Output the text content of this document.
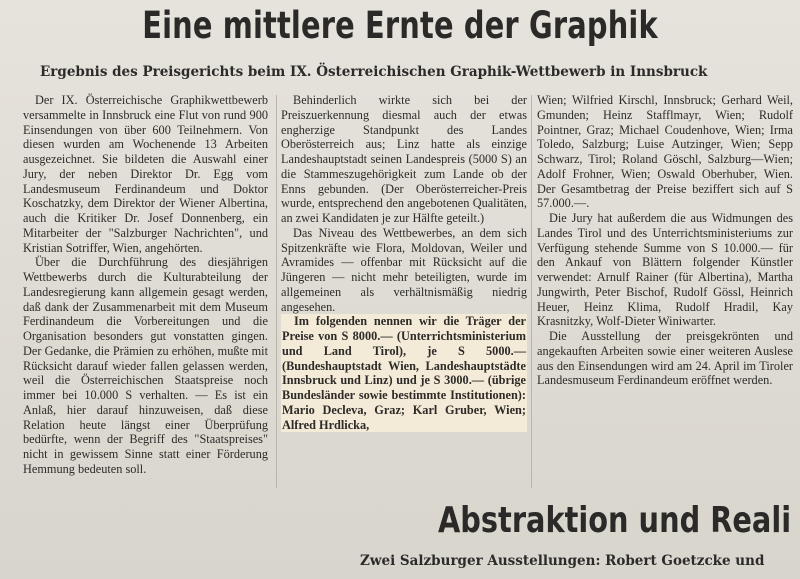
Eine mittlere Ernte der Graphik
Ergebnis des Preisgerichts beim IX. Österreichischen Graphik-Wettbewerb in Innsbruck

Der IX. Österreichische Graphikwettbewerb versammelte in Innsbruck eine Flut von rund 900 Einsendungen von über 600 Teilnehmern. Von diesen wurden am Wochenende 13 Arbeiten ausgezeichnet. Sie bildeten die Auswahl einer Jury, der neben Direktor Dr. Egg vom Landesmuseum Ferdinandeum und Doktor Koschatzky, dem Direktor der Wiener Albertina, auch die Kritiker Dr. Josef Donnenberg, ein Mitarbeiter der "Salzburger Nachrichten", und Kristian Sotriffer, Wien, angehörten.

Über die Durchführung des diesjährigen Wettbewerbs durch die Kulturabteilung der Landesregierung kann allgemein gesagt werden, daß dank der Zusammenarbeit mit dem Museum Ferdinandeum die Vorbereitungen und die Organisation besonders gut vonstatten gingen. Der Gedanke, die Prämien zu erhöhen, mußte mit Rücksicht darauf wieder fallen gelassen werden, weil die Österreichischen Staatspreise noch immer bei 10.000 S verhalten. — Es ist ein Anlaß, hier darauf hinzuweisen, daß diese Relation heute längst einer Überprüfung bedürfte, wenn der Begriff des "Staatspreises" nicht in gewissem Sinne statt einer Förderung Hemmung bedeuten soll.

Behinderlich wirkte sich bei der Preiszuerkennung diesmal auch der etwas engherzige Standpunkt des Landes Oberösterreich aus; Linz hatte als einzige Landeshauptstadt seinen Landespreis (5000 S) an die Stammeszugehörigkeit zum Lande ob der Enns gebunden. (Der Oberösterreicher-Preis wurde, entsprechend den angebotenen Qualitäten, an zwei Kandidaten je zur Hälfte geteilt.)

Das Niveau des Wettbewerbes, an dem sich Spitzenkräfte wie Flora, Moldovan, Weiler und Avramides — offenbar mit Rücksicht auf die Jüngeren — nicht mehr beteiligten, wurde im allgemeinen als verhältnismäßig niedrig angesehen.

Im folgenden nennen wir die Träger der Preise von S 8000.— (Unterrichtsministerium und Land Tirol), je S 5000.— (Bundeshauptstadt Wien, Landeshauptstädte Innsbruck und Linz) und je S 3000.— (übrige Bundesländer sowie bestimmte Institutionen): Mario Decleva, Graz; Karl Gruber, Wien; Alfred Hrdlicka,

Wien; Wilfried Kirschl, Innsbruck; Gerhard Weil, Gmunden; Heinz Stafflmayr, Wien; Rudolf Pointner, Graz; Michael Coudenhove, Wien; Irma Toledo, Salzburg; Luise Autzinger, Wien; Sepp Schwarz, Tirol; Roland Göschl, Salzburg—Wien; Adolf Frohner, Wien; Oswald Oberhuber, Wien. Der Gesamtbetrag der Preise beziffert sich auf S 57.000.—.

Die Jury hat außerdem die aus Widmungen des Landes Tirol und des Unterrichtsministeriums zur Verfügung stehende Summe von S 10.000.— für den Ankauf von Blättern folgender Künstler verwendet: Arnulf Rainer (für Albertina), Martha Jungwirth, Peter Bischof, Rudolf Gössl, Heinrich Heuer, Heinz Klima, Rudolf Hradil, Kay Krasnitzky, Wolf-Dieter Winiwarter.

Die Ausstellung der preisgekrönten und angekauften Arbeiten sowie einer weiteren Auslese aus den Einsendungen wird am 24. April im Tiroler Landesmuseum Ferdinandeum eröffnet werden.

Abstraktion und Reali
Zwei Salzburger Ausstellungen: Robert Goetzcke und
